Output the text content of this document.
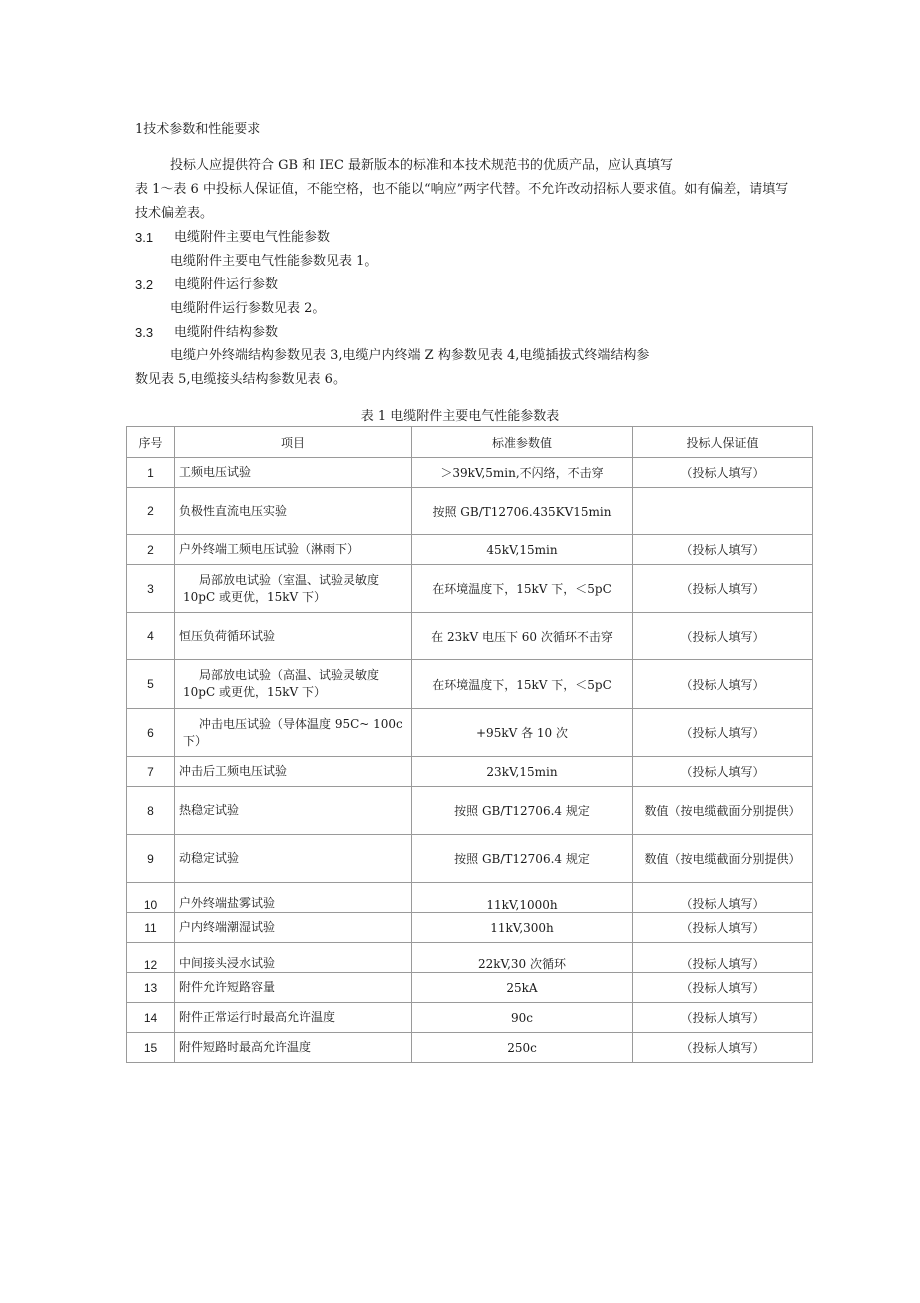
1技术参数和性能要求
投标人应提供符合 GB 和 IEC 最新版本的标准和本技术规范书的优质产品，应认真填写
表 1～表 6 中投标人保证值，不能空格，也不能以“响应”两字代替。不允许改动招标人要求值。如有偏差，请填写
技术偏差表。
3.1 电缆附件主要电气性能参数
电缆附件主要电气性能参数见表 1。
3.2 电缆附件运行参数
电缆附件运行参数见表 2。
3.3 电缆附件结构参数
电缆户外终端结构参数见表 3,电缆户内终端 Z 构参数见表 4,电缆插拔式终端结构参
数见表 5,电缆接头结构参数见表 6。
表 1 电缆附件主要电气性能参数表
序号	项目	标准参数值	投标人保证值
1	工频电压试验	＞39kV,5min,不闪络，不击穿	（投标人填写）
2	负极性直流电压实验	按照 GB/T12706.435KV15min	
2	户外终端工频电压试验（淋雨下）	45kV,15min	（投标人填写）
3	局部放电试验（室温、试验灵敏度 10pC 或更优，15kV 下）	在环境温度下，15kV 下，＜5pC	（投标人填写）
4	恒压负荷循环试验	在 23kV 电压下 60 次循环不击穿	（投标人填写）
5	局部放电试验（高温、试验灵敏度 10pC 或更优，15kV 下）	在环境温度下，15kV 下，＜5pC	（投标人填写）
6	冲击电压试验（导体温度 95C~ 100c 下）	+95kV 各 10 次	（投标人填写）
7	冲击后工频电压试验	23kV,15min	（投标人填写）
8	热稳定试验	按照 GB/T12706.4 规定	数值（按电缆截面分别提供）
9	动稳定试验	按照 GB/T12706.4 规定	数值（按电缆截面分别提供）
10	户外终端盐雾试验	11kV,1000h	（投标人填写）
11	户内终端潮湿试验	11kV,300h	（投标人填写）
12	中间接头浸水试验	22kV,30 次循环	（投标人填写）
13	附件允许短路容量	25kA	（投标人填写）
14	附件正常运行时最高允许温度	90c	（投标人填写）
15	附件短路时最高允许温度	250c	（投标人填写）
